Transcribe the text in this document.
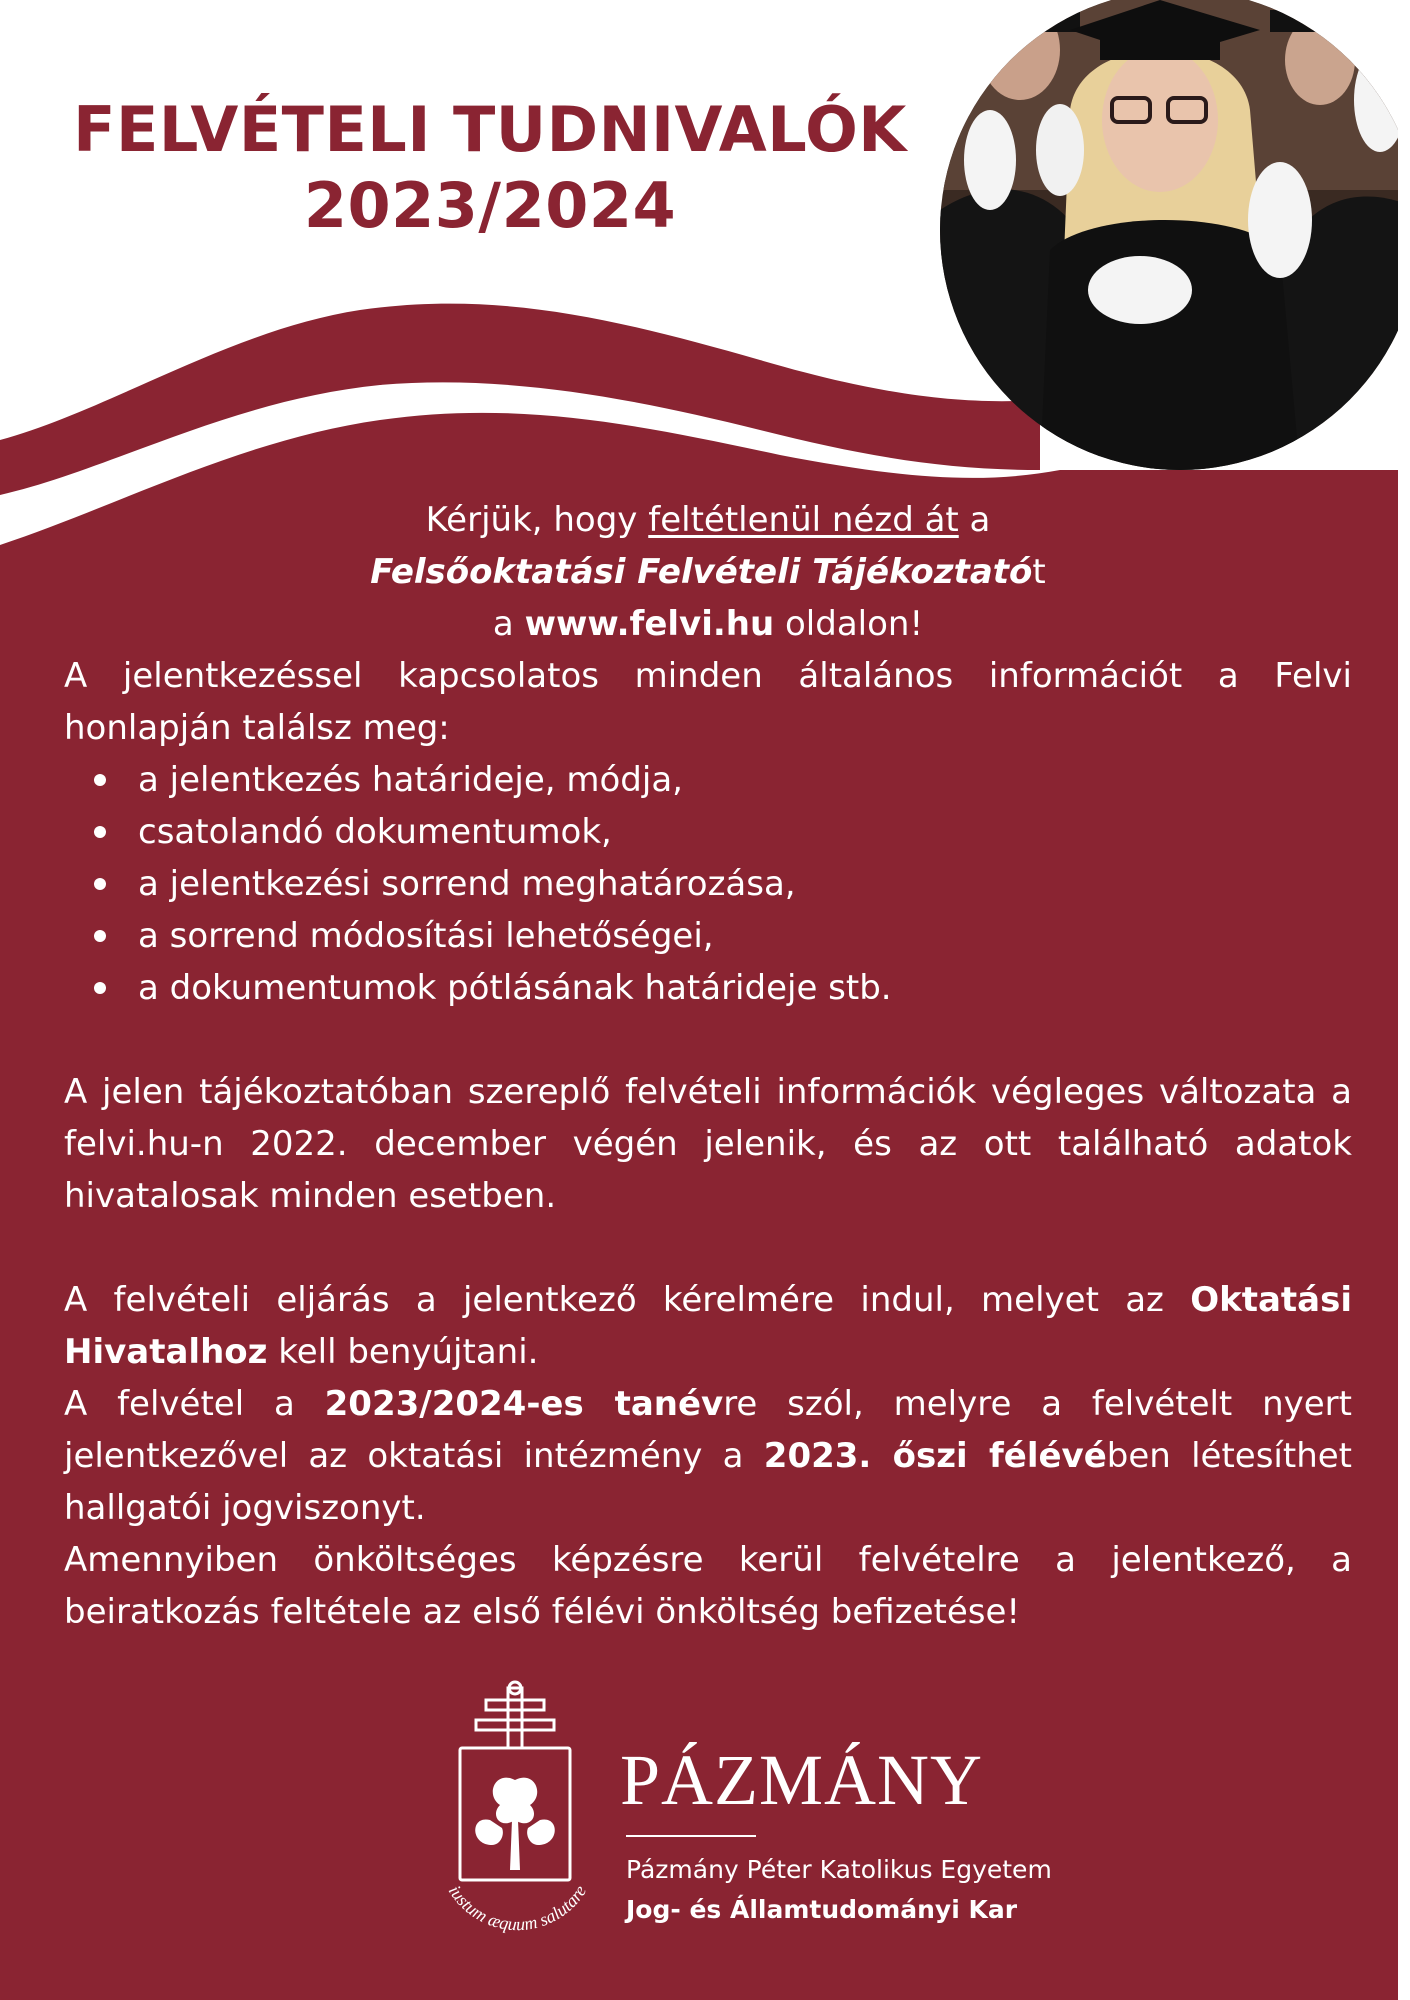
FELVÉTELI TUDNIVALÓK
2023/2024
Kérjük, hogy feltétlenül nézd át a
Felsőoktatási Felvételi Tájékoztatót
a www.felvi.hu oldalon!
A jelentkezéssel kapcsolatos minden általános információt a Felvi honlapján találsz meg:
a jelentkezés határideje, módja,
csatolandó dokumentumok,
a jelentkezési sorrend meghatározása,
a sorrend módosítási lehetőségei,
a dokumentumok pótlásának határideje stb.
A jelen tájékoztatóban szereplő felvételi információk végleges változata a felvi.hu-n 2022. december végén jelenik, és az ott található adatok hivatalosak minden esetben.
A felvételi eljárás a jelentkező kérelmére indul, melyet az Oktatási Hivatalhoz kell benyújtani.
A felvétel a 2023/2024-es tanévre szól, melyre a felvételt nyert jelentkezővel az oktatási intézmény a 2023. őszi félévében létesíthet hallgatói jogviszonyt.
Amennyiben önköltséges képzésre kerül felvételre a jelentkező, a beiratkozás feltétele az első félévi önköltség befizetése!
iustum æquum salutare
PÁZMÁNY
Pázmány Péter Katolikus Egyetem
Jog- és Államtudományi Kar
